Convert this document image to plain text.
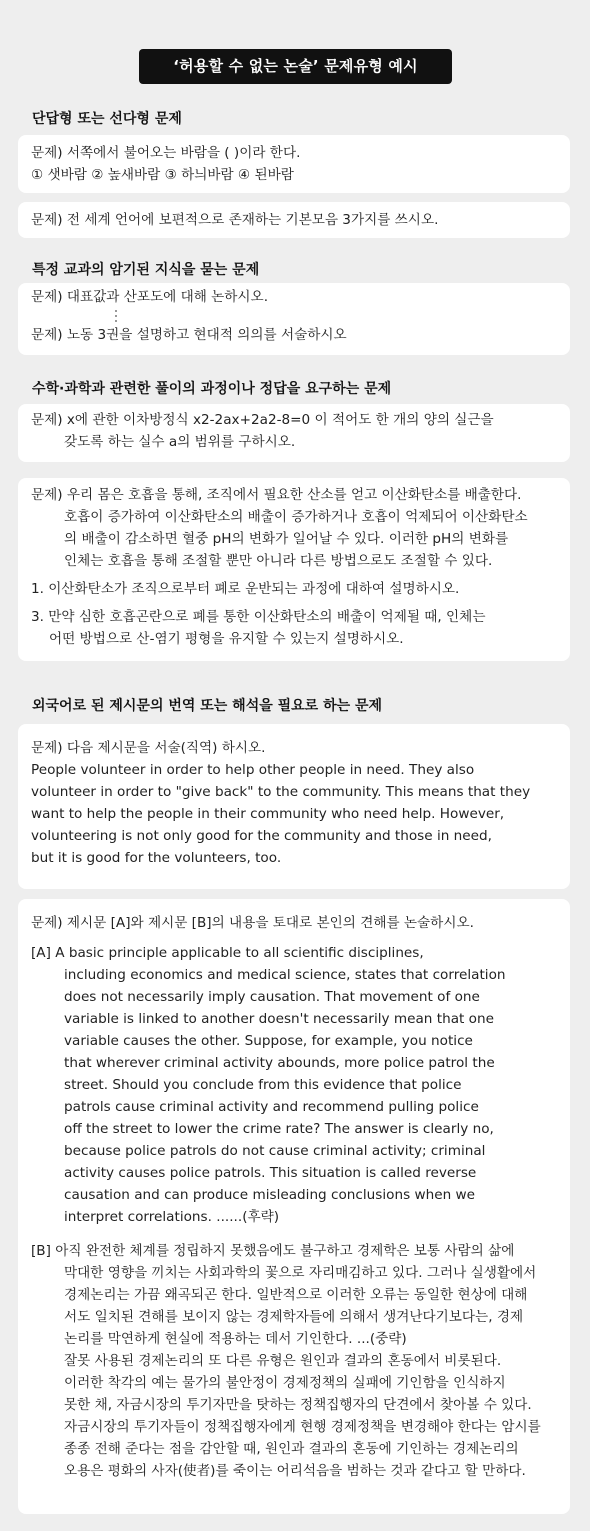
‘허용할 수 없는 논술’ 문제유형 예시
단답형 또는 선다형 문제

문제) 서쪽에서 불어오는 바람을 ( )이라 한다.

① 샛바람 ② 높새바람 ③ 하늬바람 ④ 된바람

문제) 전 세계 언어에 보편적으로 존재하는 기본모음 3가지를 쓰시오.

특정 교과의 암기된 지식을 묻는 문제

문제) 대표값과 산포도에 대해 논하시오.

문제) 노동 3권을 설명하고 현대적 의의를 서술하시오

수학·과학과 관련한 풀이의 과정이나 정답을 요구하는 문제

문제) x에 관한 이차방정식 x2-2ax+2a2-8=0 이 적어도 한 개의 양의 실근을

갖도록 하는 실수 a의 범위를 구하시오.

문제) 우리 몸은 호흡을 통해, 조직에서 필요한 산소를 얻고 이산화탄소를 배출한다.

호흡이 증가하여 이산화탄소의 배출이 증가하거나 호흡이 억제되어 이산화탄소

의 배출이 감소하면 혈중 pH의 변화가 일어날 수 있다. 이러한 pH의 변화를

인체는 호흡을 통해 조절할 뿐만 아니라 다른 방법으로도 조절할 수 있다.

1. 이산화탄소가 조직으로부터 폐로 운반되는 과정에 대하여 설명하시오.

3. 만약 심한 호흡곤란으로 폐를 통한 이산화탄소의 배출이 억제될 때, 인체는

어떤 방법으로 산-염기 평형을 유지할 수 있는지 설명하시오.

외국어로 된 제시문의 번역 또는 해석을 필요로 하는 문제

문제) 다음 제시문을 서술(직역) 하시오.

People volunteer in order to help other people in need. They also

volunteer in order to "give back" to the community. This means that they

want to help the people in their community who need help. However,

volunteering is not only good for the community and those in need,

but it is good for the volunteers, too.

문제) 제시문 [A]와 제시문 [B]의 내용을 토대로 본인의 견해를 논술하시오.

[A] A basic principle applicable to all scientific disciplines,

including economics and medical science, states that correlation

does not necessarily imply causation. That movement of one

variable is linked to another doesn't necessarily mean that one

variable causes the other. Suppose, for example, you notice

that wherever criminal activity abounds, more police patrol the

street. Should you conclude from this evidence that police

patrols cause criminal activity and recommend pulling police

off the street to lower the crime rate? The answer is clearly no,

because police patrols do not cause criminal activity; criminal

activity causes police patrols. This situation is called reverse

causation and can produce misleading conclusions when we

interpret correlations. ......(후략)

[B] 아직 완전한 체계를 정립하지 못했음에도 불구하고 경제학은 보통 사람의 삶에

막대한 영향을 끼치는 사회과학의 꽃으로 자리매김하고 있다. 그러나 실생활에서

경제논리는 가끔 왜곡되곤 한다. 일반적으로 이러한 오류는 동일한 현상에 대해

서도 일치된 견해를 보이지 않는 경제학자들에 의해서 생겨난다기보다는, 경제

논리를 막연하게 현실에 적용하는 데서 기인한다. ...(중략)

잘못 사용된 경제논리의 또 다른 유형은 원인과 결과의 혼동에서 비롯된다.

이러한 착각의 예는 물가의 불안정이 경제정책의 실패에 기인함을 인식하지

못한 채, 자금시장의 투기자만을 탓하는 정책집행자의 단견에서 찾아볼 수 있다.

자금시장의 투기자들이 정책집행자에게 현행 경제정책을 변경해야 한다는 암시를

종종 전해 준다는 점을 감안할 때, 원인과 결과의 혼동에 기인하는 경제논리의

오용은 평화의 사자(使者)를 죽이는 어리석음을 범하는 것과 같다고 할 만하다.
